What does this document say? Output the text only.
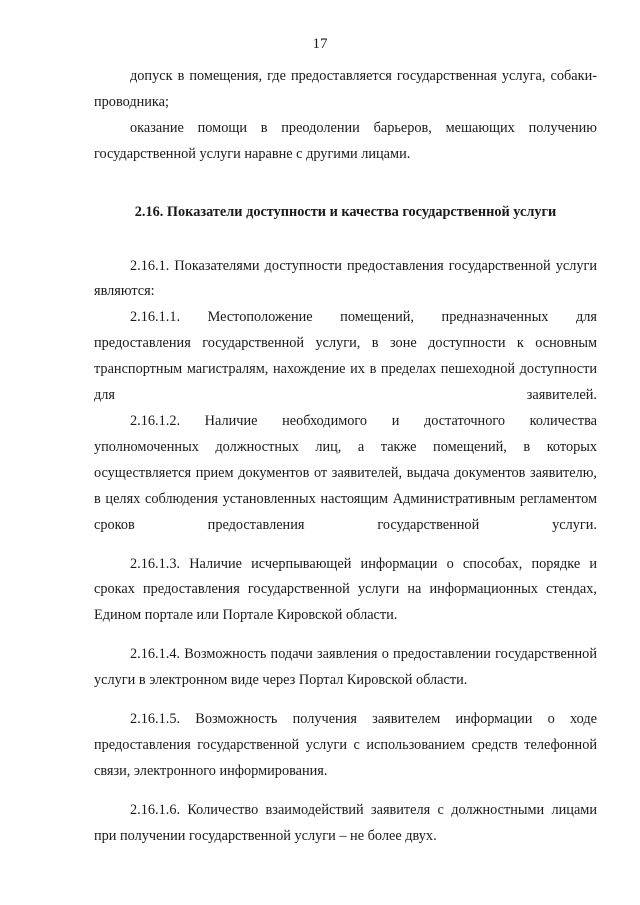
17

допуск в помещения, где предоставляется государственная услуга, собаки-проводника;

оказание помощи в преодолении барьеров, мешающих получению государственной услуги наравне с другими лицами.

2.16. Показатели доступности и качества государственной услуги

2.16.1. Показателями доступности предоставления государственной услуги являются:

2.16.1.1. Местоположение помещений, предназначенных для предоставления государственной услуги, в зоне доступности к основным транспортным магистралям, нахождение их в пределах пешеходной доступности для заявителей.

2.16.1.2. Наличие необходимого и достаточного количества уполномоченных должностных лиц, а также помещений, в которых осуществляется прием документов от заявителей, выдача документов заявителю, в целях соблюдения установленных настоящим Административным регламентом сроков предоставления государственной услуги.

2.16.1.3. Наличие исчерпывающей информации о способах, порядке и сроках предоставления государственной услуги на информационных стендах, Едином портале или Портале Кировской области.

2.16.1.4. Возможность подачи заявления о предоставлении государственной услуги в электронном виде через Портал Кировской области.

2.16.1.5. Возможность получения заявителем информации о ходе предоставления государственной услуги с использованием средств телефонной связи, электронного информирования.

2.16.1.6. Количество взаимодействий заявителя с должностными лицами при получении государственной услуги – не более двух.
